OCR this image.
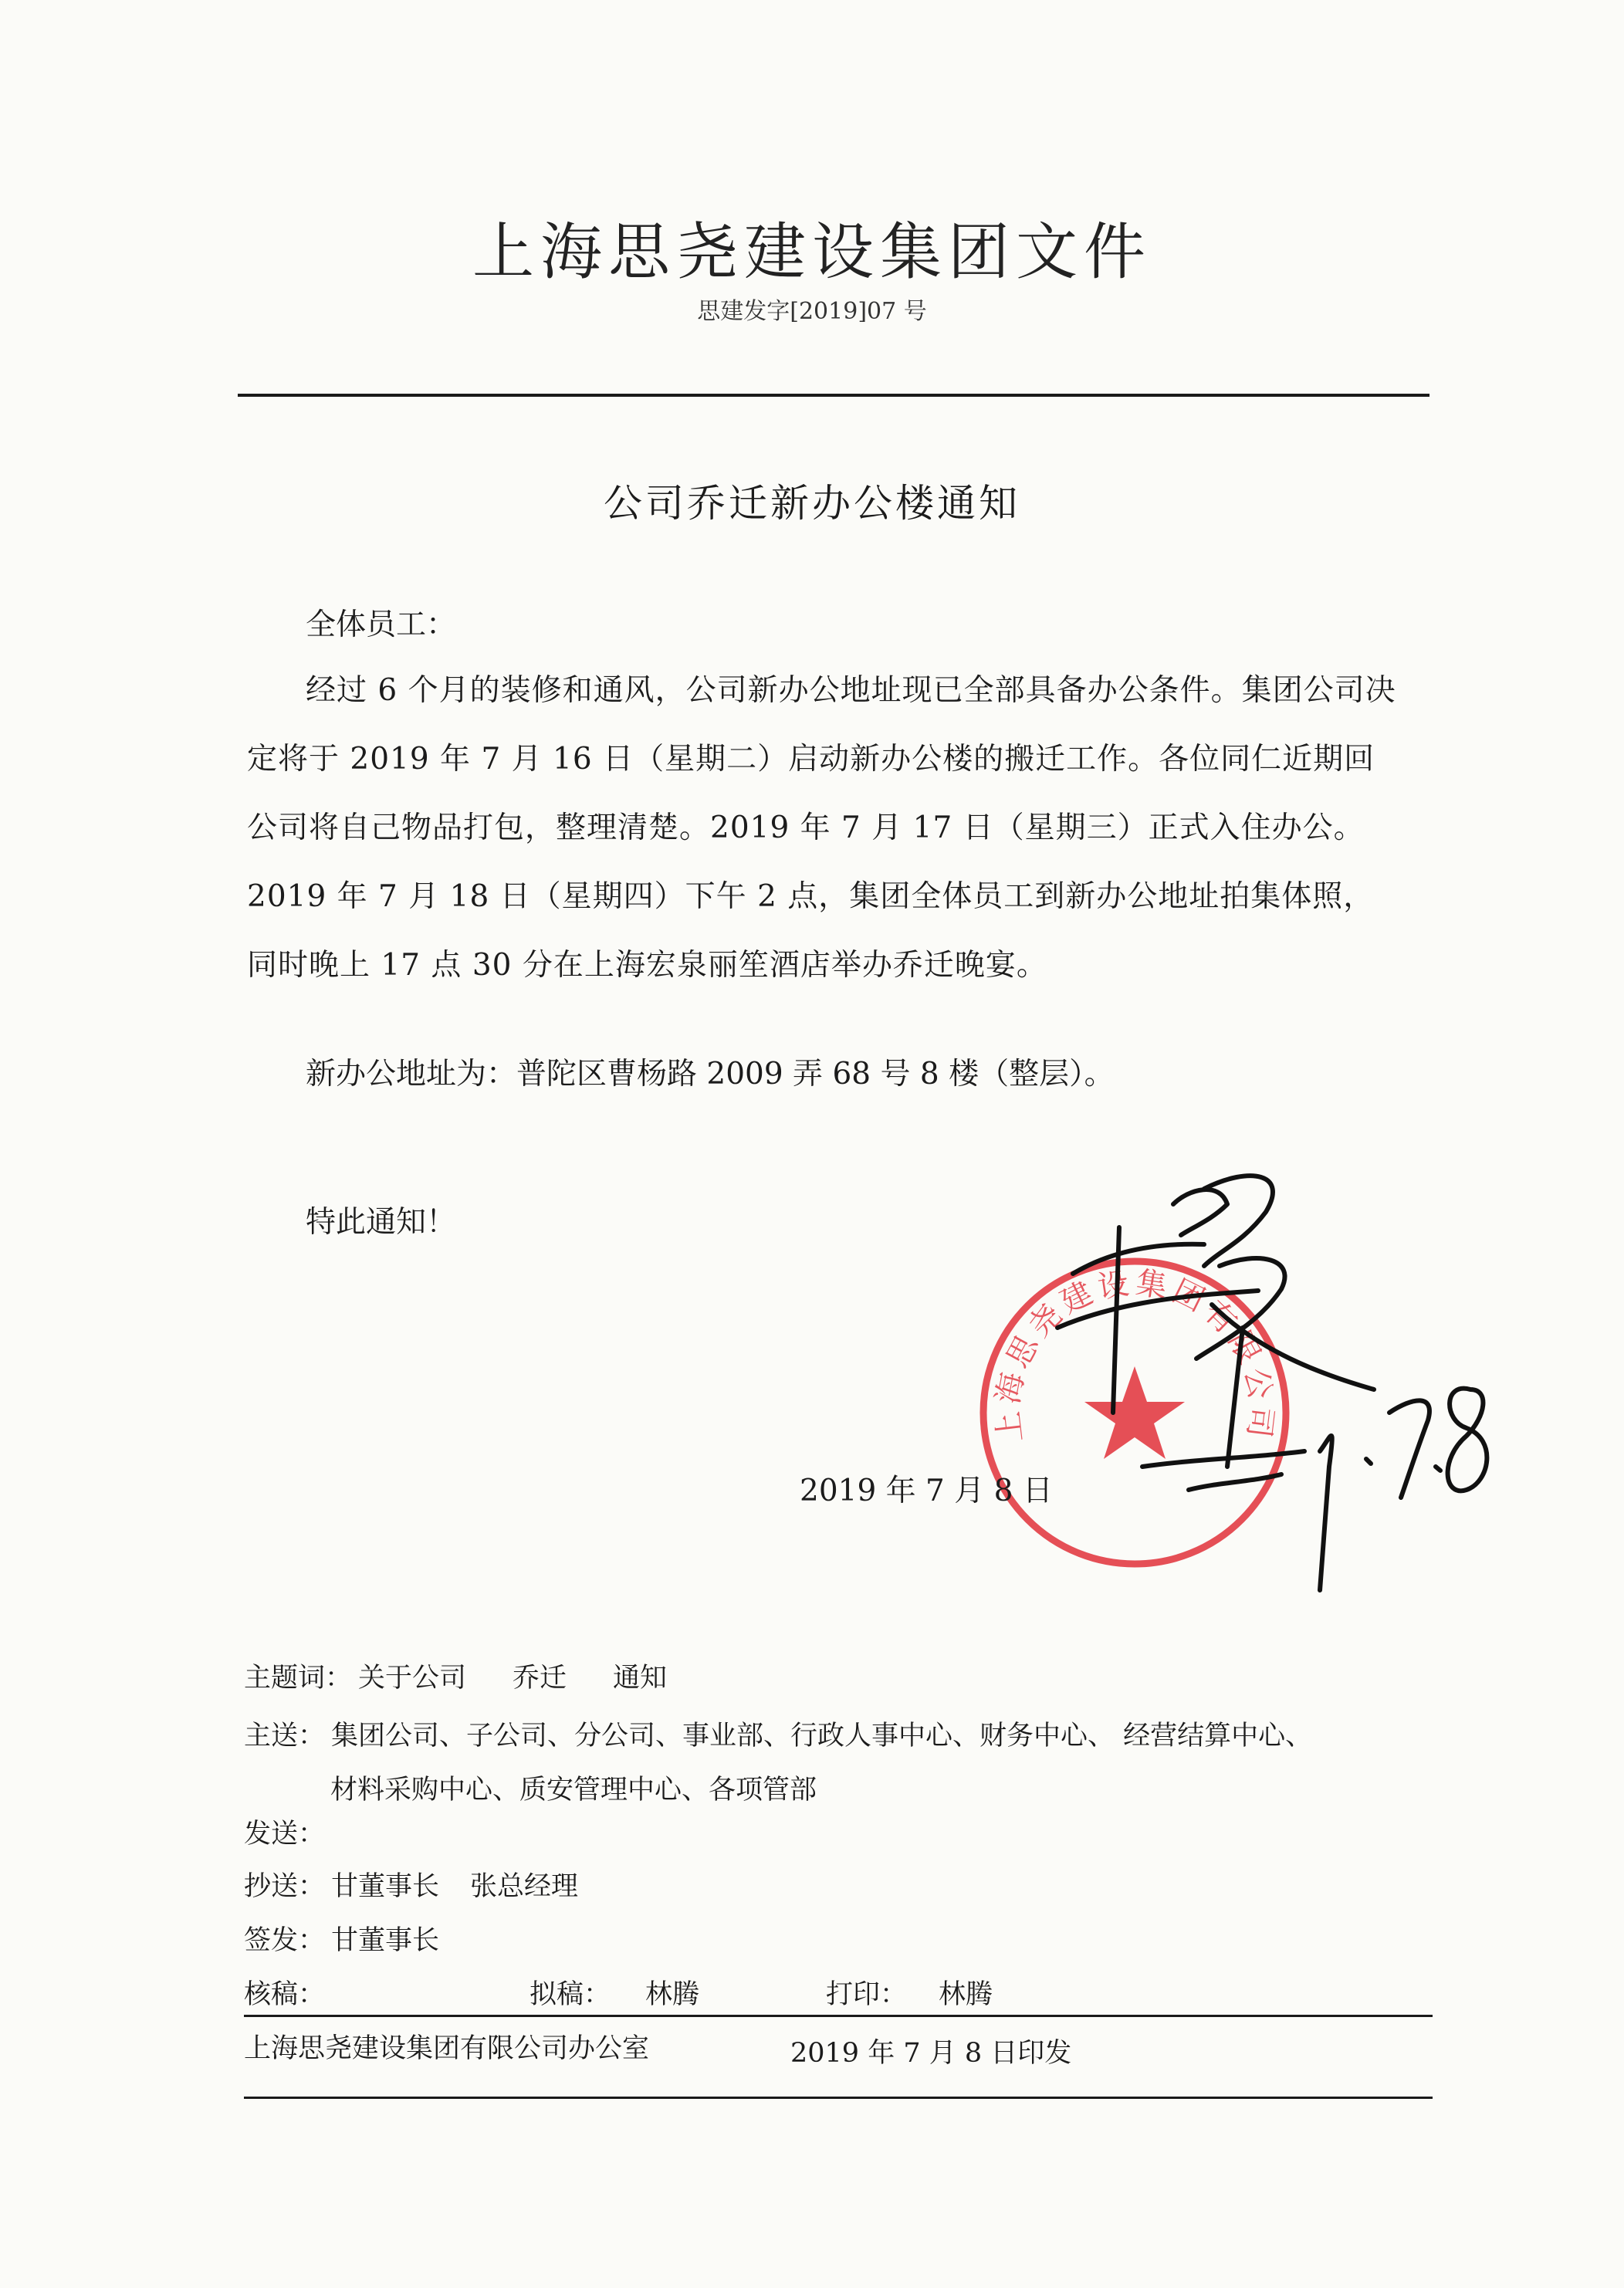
上海思尧建设集团文件
思建发字[2019]07 号
公司乔迁新办公楼通知
全体员工：
经过 6 个月的装修和通风，公司新办公地址现已全部具备办公条件。集团公司决定将于 2019 年 7 月 16 日（星期二）启动新办公楼的搬迁工作。各位同仁近期回公司将自己物品打包，整理清楚。2019 年 7 月 17 日（星期三）正式入住办公。2019 年 7 月 18 日（星期四）下午 2 点，集团全体员工到新办公地址拍集体照，同时晚上 17 点 30 分在上海宏泉丽笙酒店举办乔迁晚宴。
新办公地址为：普陀区曹杨路 2009 弄 68 号 8 楼（整层）。
特此通知！
上海思尧建设集团有限公司
2019 年 7 月 8 日
主题词： 关于公司 乔迁 通知
主送： 集团公司、子公司、分公司、事业部、行政人事中心、财务中心、 经营结算中心、
材料采购中心、质安管理中心、各项管部
发送：
抄送： 甘董事长 张总经理
签发： 甘董事长
核稿：	拟稿： 林腾	打印： 林腾
上海思尧建设集团有限公司办公室	2019 年 7 月 8 日印发
